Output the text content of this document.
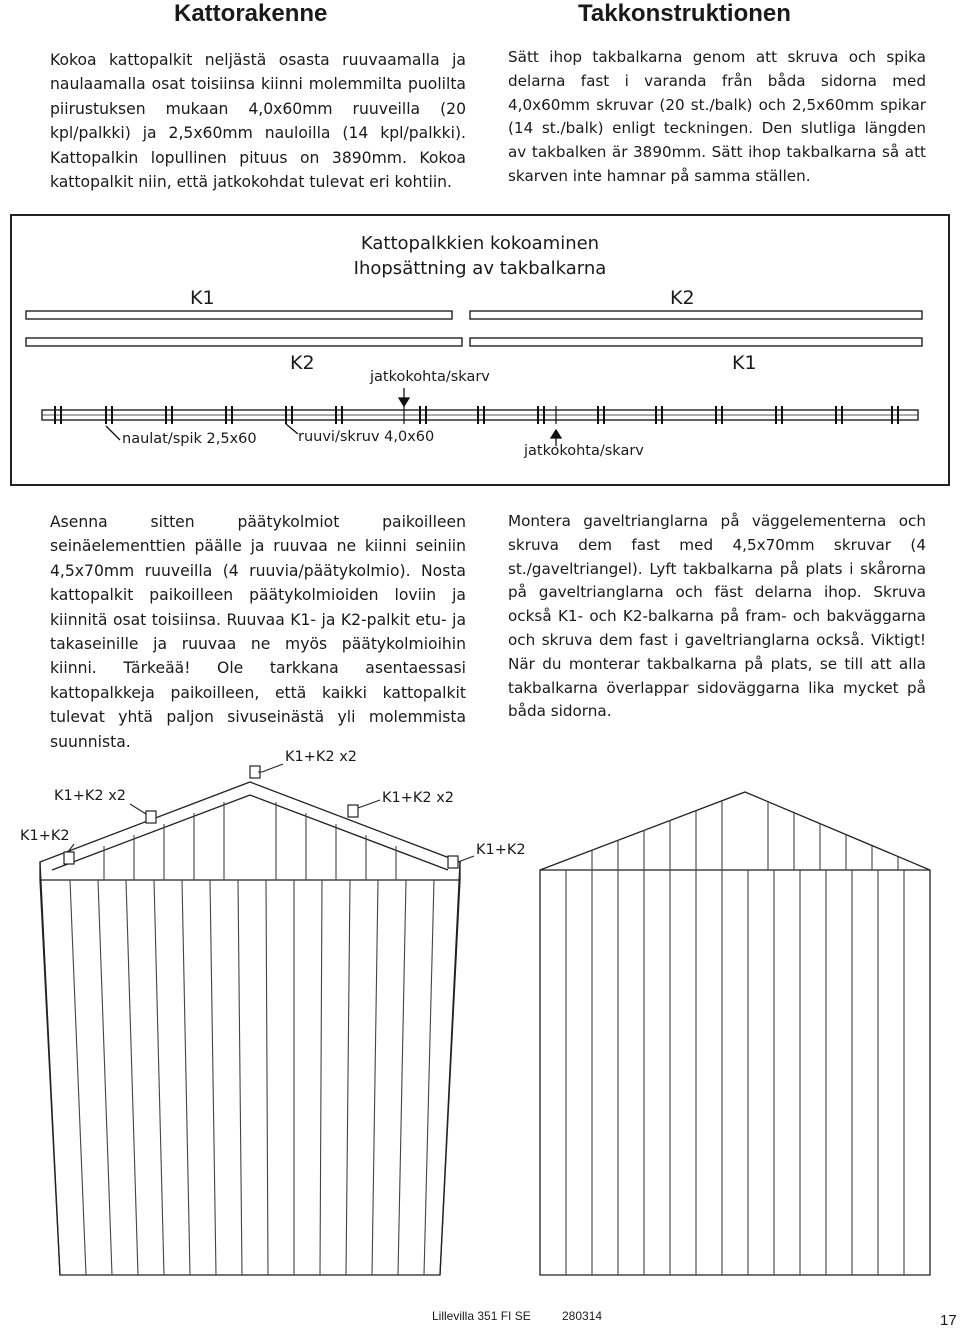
Kattorakenne	Takkonstruktionen

Kokoa kattopalkit neljästä osasta ruuvaamalla ja naulaamalla osat toisiinsa kiinni molemmilta puolilta piirustuksen mukaan 4,0x60mm ruuveilla (20 kpl/palkki) ja 2,5x60mm nauloilla (14 kpl/palkki). Kattopalkin lopullinen pituus on 3890mm. Kokoa kattopalkit niin, että jatkokohdat tulevat eri kohtiin.

Sätt ihop takbalkarna genom att skruva och spika delarna fast i varanda från båda sidorna med 4,0x60mm skruvar (20 st./balk) och 2,5x60mm spikar (14 st./balk) enligt teckningen. Den slutliga längden av takbalken är 3890mm. Sätt ihop takbalkarna så att skarven inte hamnar på samma ställen.

Kattopalkkien kokoaminen
Ihopsättning av takbalkarna
K1	K2
K2	K1
jatkokohta/skarv
naulat/spik 2,5x60	ruuvi/skruv 4,0x60
jatkokohta/skarv

Asenna sitten päätykolmiot paikoilleen seinäelementtien päälle ja ruuvaa ne kiinni seiniin 4,5x70mm ruuveilla (4 ruuvia/päätykolmio). Nosta kattopalkit paikoilleen päätykolmioiden loviin ja kiinnitä osat toisiinsa. Ruuvaa K1- ja K2-palkit etu- ja takaseinille ja ruuvaa ne myös päätykolmioihin kiinni. Tärkeää! Ole tarkkana asentaessasi kattopalkkeja paikoilleen, että kaikki kattopalkit tulevat yhtä paljon sivuseinästä yli molemmista suunnista.

Montera gaveltrianglarna på väggelementerna och skruva dem fast med 4,5x70mm skruvar (4 st./gaveltriangel). Lyft takbalkarna på plats i skårorna på gaveltrianglarna och fäst delarna ihop. Skruva också K1- och K2-balkarna på fram- och bakväggarna och skruva dem fast i gaveltrianglarna också. Viktigt! När du monterar takbalkarna på plats, se till att alla takbalkarna överlappar sidoväggarna lika mycket på båda sidorna.

K1+K2 x2
K1+K2 x2	K1+K2 x2
K1+K2
K1+K2
Lillevilla 351 FI SE	280314	17
